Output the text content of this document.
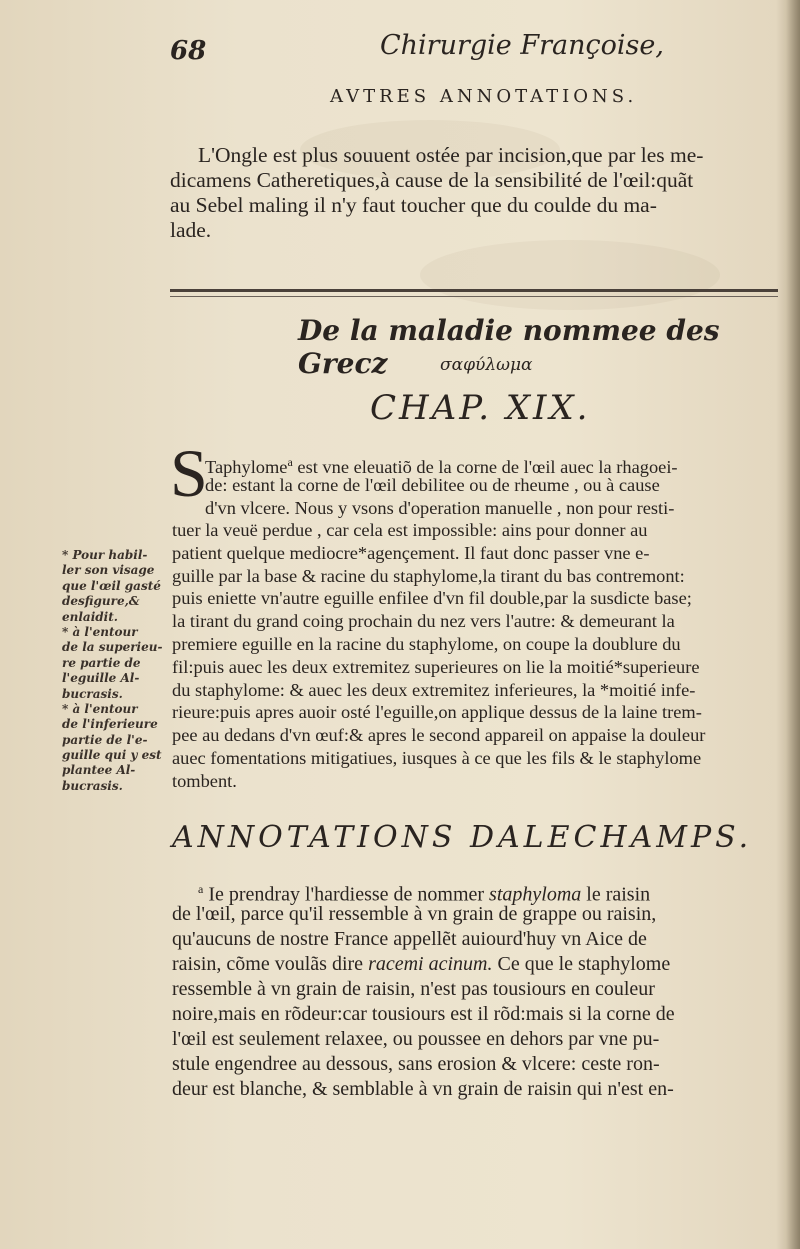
68	Chirurgie Françoise,
AVTRES ANNOTATIONS.
L'Ongle est plus souuent ostée par incision,que par les me-
dicamens Catheretiques,à cause de la sensibilité de l'œil:quãt
au Sebel maling il n'y faut toucher que du coulde du ma-
lade.
De la maladie nommee des Grecz	σαφύλωμα
CHAP. XIX.
S
Taphylome$^a$ est vne eleuatiõ de la corne de l'œil auec la rhagoei-
de: estant la corne de l'œil debilitee ou de rheume , ou à cause
d'vn vlcere. Nous y vsons d'operation manuelle , non pour resti-
tuer la veuë perdue , car cela est impossible: ains pour donner au
patient quelque mediocre*agençement. Il faut donc passer vne e-
guille par la base & racine du staphylome,la tirant du bas contremont:
puis eniette vn'autre eguille enfilee d'vn fil double,par la susdicte base;
la tirant du grand coing prochain du nez vers l'autre: & demeurant la
premiere eguille en la racine du staphylome, on coupe la doublure du
fil:puis auec les deux extremitez superieures on lie la moitié*superieure
du staphylome: & auec les deux extremitez inferieures, la *moitié infe-
rieure:puis apres auoir osté l'eguille,on applique dessus de la laine trem-
pee au dedans d'vn œuf:& apres le second appareil on appaise la douleur
auec fomentations mitigatiues, iusques à ce que les fils & le staphylome
tombent.
* Pour habil-
ler son visage
que l'œil gasté
desfigure,&
enlaidit.
* à l'entour
de la superieu-
re partie de
l'eguille Al-
bucrasis.
* à l'entour
de l'inferieure
partie de l'e-
guille qui y est
plantee Al-
bucrasis.
ANNOTATIONS DALECHAMPS.
$^a$ Ie prendray l'hardiesse de nommer staphyloma le raisin
de l'œil, parce qu'il ressemble à vn grain de grappe ou raisin,
qu'aucuns de nostre France appellẽt auiourd'huy vn Aice de
raisin, cõme voulãs dire racemi acinum. Ce que le staphylome
ressemble à vn grain de raisin, n'est pas tousiours en couleur
noire,mais en rõdeur:car tousiours est il rõd:mais si la corne de
l'œil est seulement relaxee, ou poussee en dehors par vne pu-
stule engendree au dessous, sans erosion & vlcere: ceste ron-
deur est blanche, & semblable à vn grain de raisin qui n'est en-
